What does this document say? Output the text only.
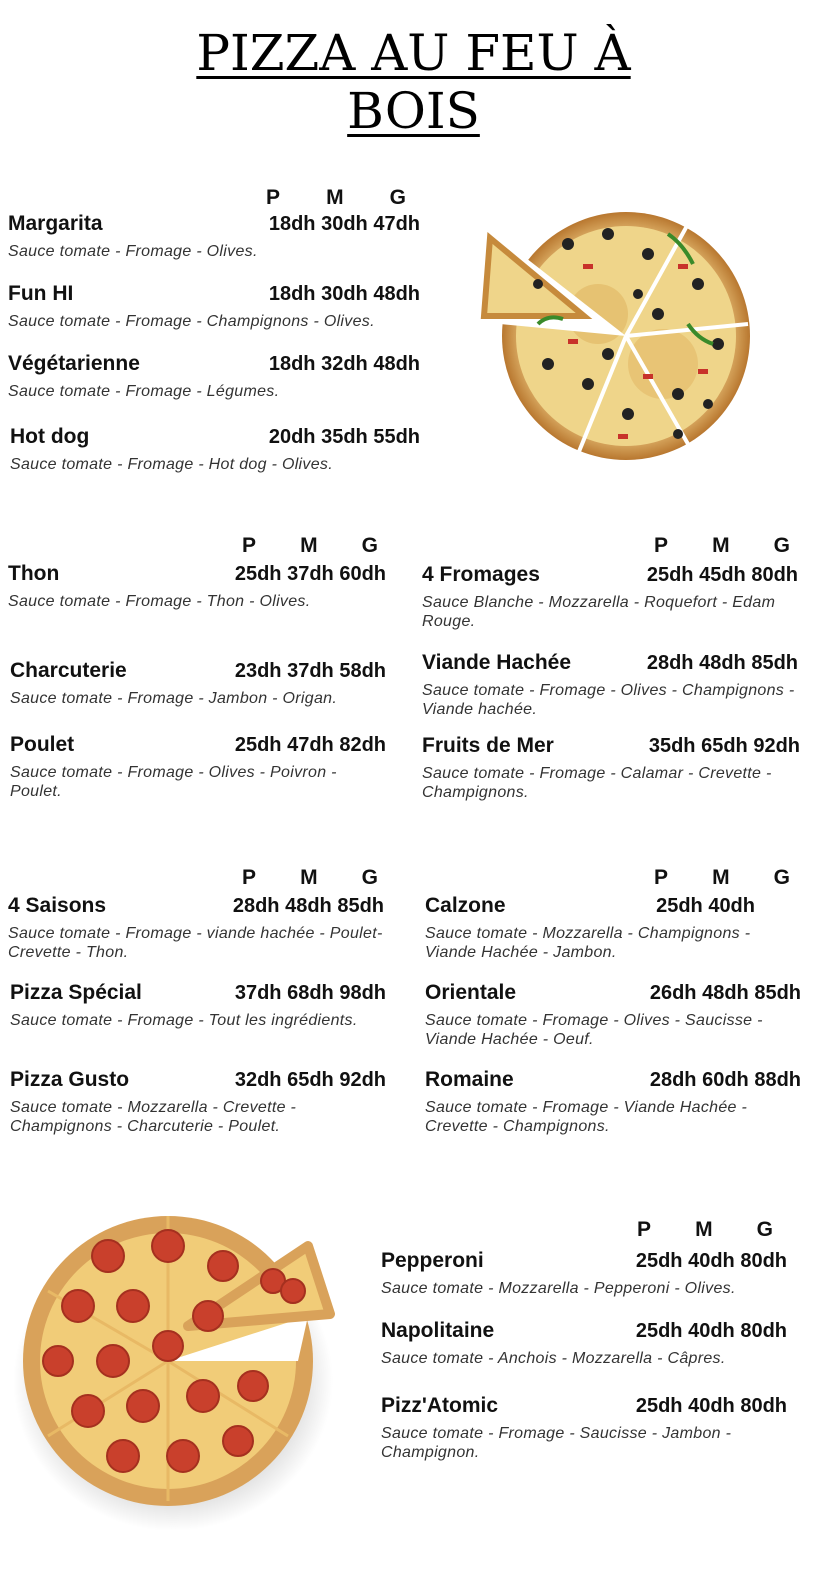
PIZZA AU FEU À
BOIS
P M G
Margarita	18dh 30dh 47dh
Sauce tomate - Fromage - Olives.
Fun HI	18dh 30dh 48dh
Sauce tomate - Fromage - Champignons - Olives.
Végétarienne	18dh 32dh 48dh
Sauce tomate - Fromage - Légumes.
Hot dog	20dh 35dh 55dh
Sauce tomate - Fromage - Hot dog - Olives.
P M G	P M G
Thon	25dh 37dh 60dh
Sauce tomate - Fromage - Thon - Olives.
Charcuterie	23dh 37dh 58dh
Sauce tomate - Fromage - Jambon - Origan.
Poulet	25dh 47dh 82dh
Sauce tomate - Fromage - Olives - Poivron - Poulet.
4 Fromages	25dh 45dh 80dh
Sauce Blanche - Mozzarella - Roquefort - Edam Rouge.
Viande Hachée	28dh 48dh 85dh
Sauce tomate - Fromage - Olives - Champignons - Viande hachée.
Fruits de Mer	35dh 65dh 92dh
Sauce tomate - Fromage - Calamar - Crevette - Champignons.
P M G	P M G
4 Saisons	28dh 48dh 85dh
Sauce tomate - Fromage - viande hachée - Poulet- Crevette - Thon.
Pizza Spécial	37dh 68dh 98dh
Sauce tomate - Fromage - Tout les ingrédients.
Pizza Gusto	32dh 65dh 92dh
Sauce tomate - Mozzarella - Crevette - Champignons - Charcuterie - Poulet.
Calzone	25dh 40dh
Sauce tomate - Mozzarella - Champignons - Viande Hachée - Jambon.
Orientale	26dh 48dh 85dh
Sauce tomate - Fromage - Olives - Saucisse - Viande Hachée - Oeuf.
Romaine	28dh 60dh 88dh
Sauce tomate - Fromage - Viande Hachée - Crevette - Champignons.
P M G
Pepperoni	25dh 40dh 80dh
Sauce tomate - Mozzarella - Pepperoni - Olives.
Napolitaine	25dh 40dh 80dh
Sauce tomate - Anchois - Mozzarella - Câpres.
Pizz'Atomic	25dh 40dh 80dh
Sauce tomate - Fromage - Saucisse - Jambon - Champignon.
